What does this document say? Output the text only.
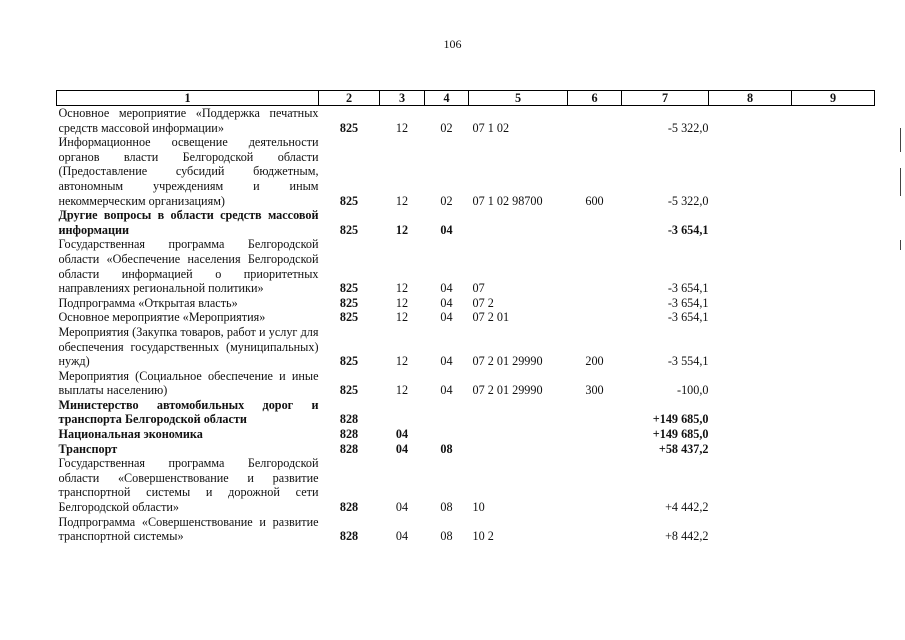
106
1	2	3	4	5	6	7	8	9
Основное мероприятие «Поддержка печатных средств массовой информации»	825	12	02	07 1 02		-5 322,0		
Информационное освещение деятельности органов власти Белгородской области (Предоставление субсидий бюджетным, автономным учреждениям и иным некоммерческим организациям)	825	12	02	07 1 02 98700	600	-5 322,0		
Другие вопросы в области средств массовой информации	825	12	04			-3 654,1		
Государственная программа Белгородской области «Обеспечение населения Белгородской области информацией о приоритетных направлениях региональной политики»	825	12	04	07		-3 654,1		
Подпрограмма «Открытая власть»	825	12	04	07 2		-3 654,1		
Основное мероприятие «Мероприятия»	825	12	04	07 2 01		-3 654,1		
Мероприятия (Закупка товаров, работ и услуг для обеспечения государственных (муниципальных) нужд)	825	12	04	07 2 01 29990	200	-3 554,1		
Мероприятия (Социальное обеспечение и иные выплаты населению)	825	12	04	07 2 01 29990	300	-100,0		
Министерство автомобильных дорог и транспорта Белгородской области	828					+149 685,0		
Национальная экономика	828	04				+149 685,0		
Транспорт	828	04	08			+58 437,2		
Государственная программа Белгородской области «Совершенствование и развитие транспортной системы и дорожной сети Белгородской области»	828	04	08	10		+4 442,2		
Подпрограмма «Совершенствование и развитие транспортной системы»	828	04	08	10 2		+8 442,2		
